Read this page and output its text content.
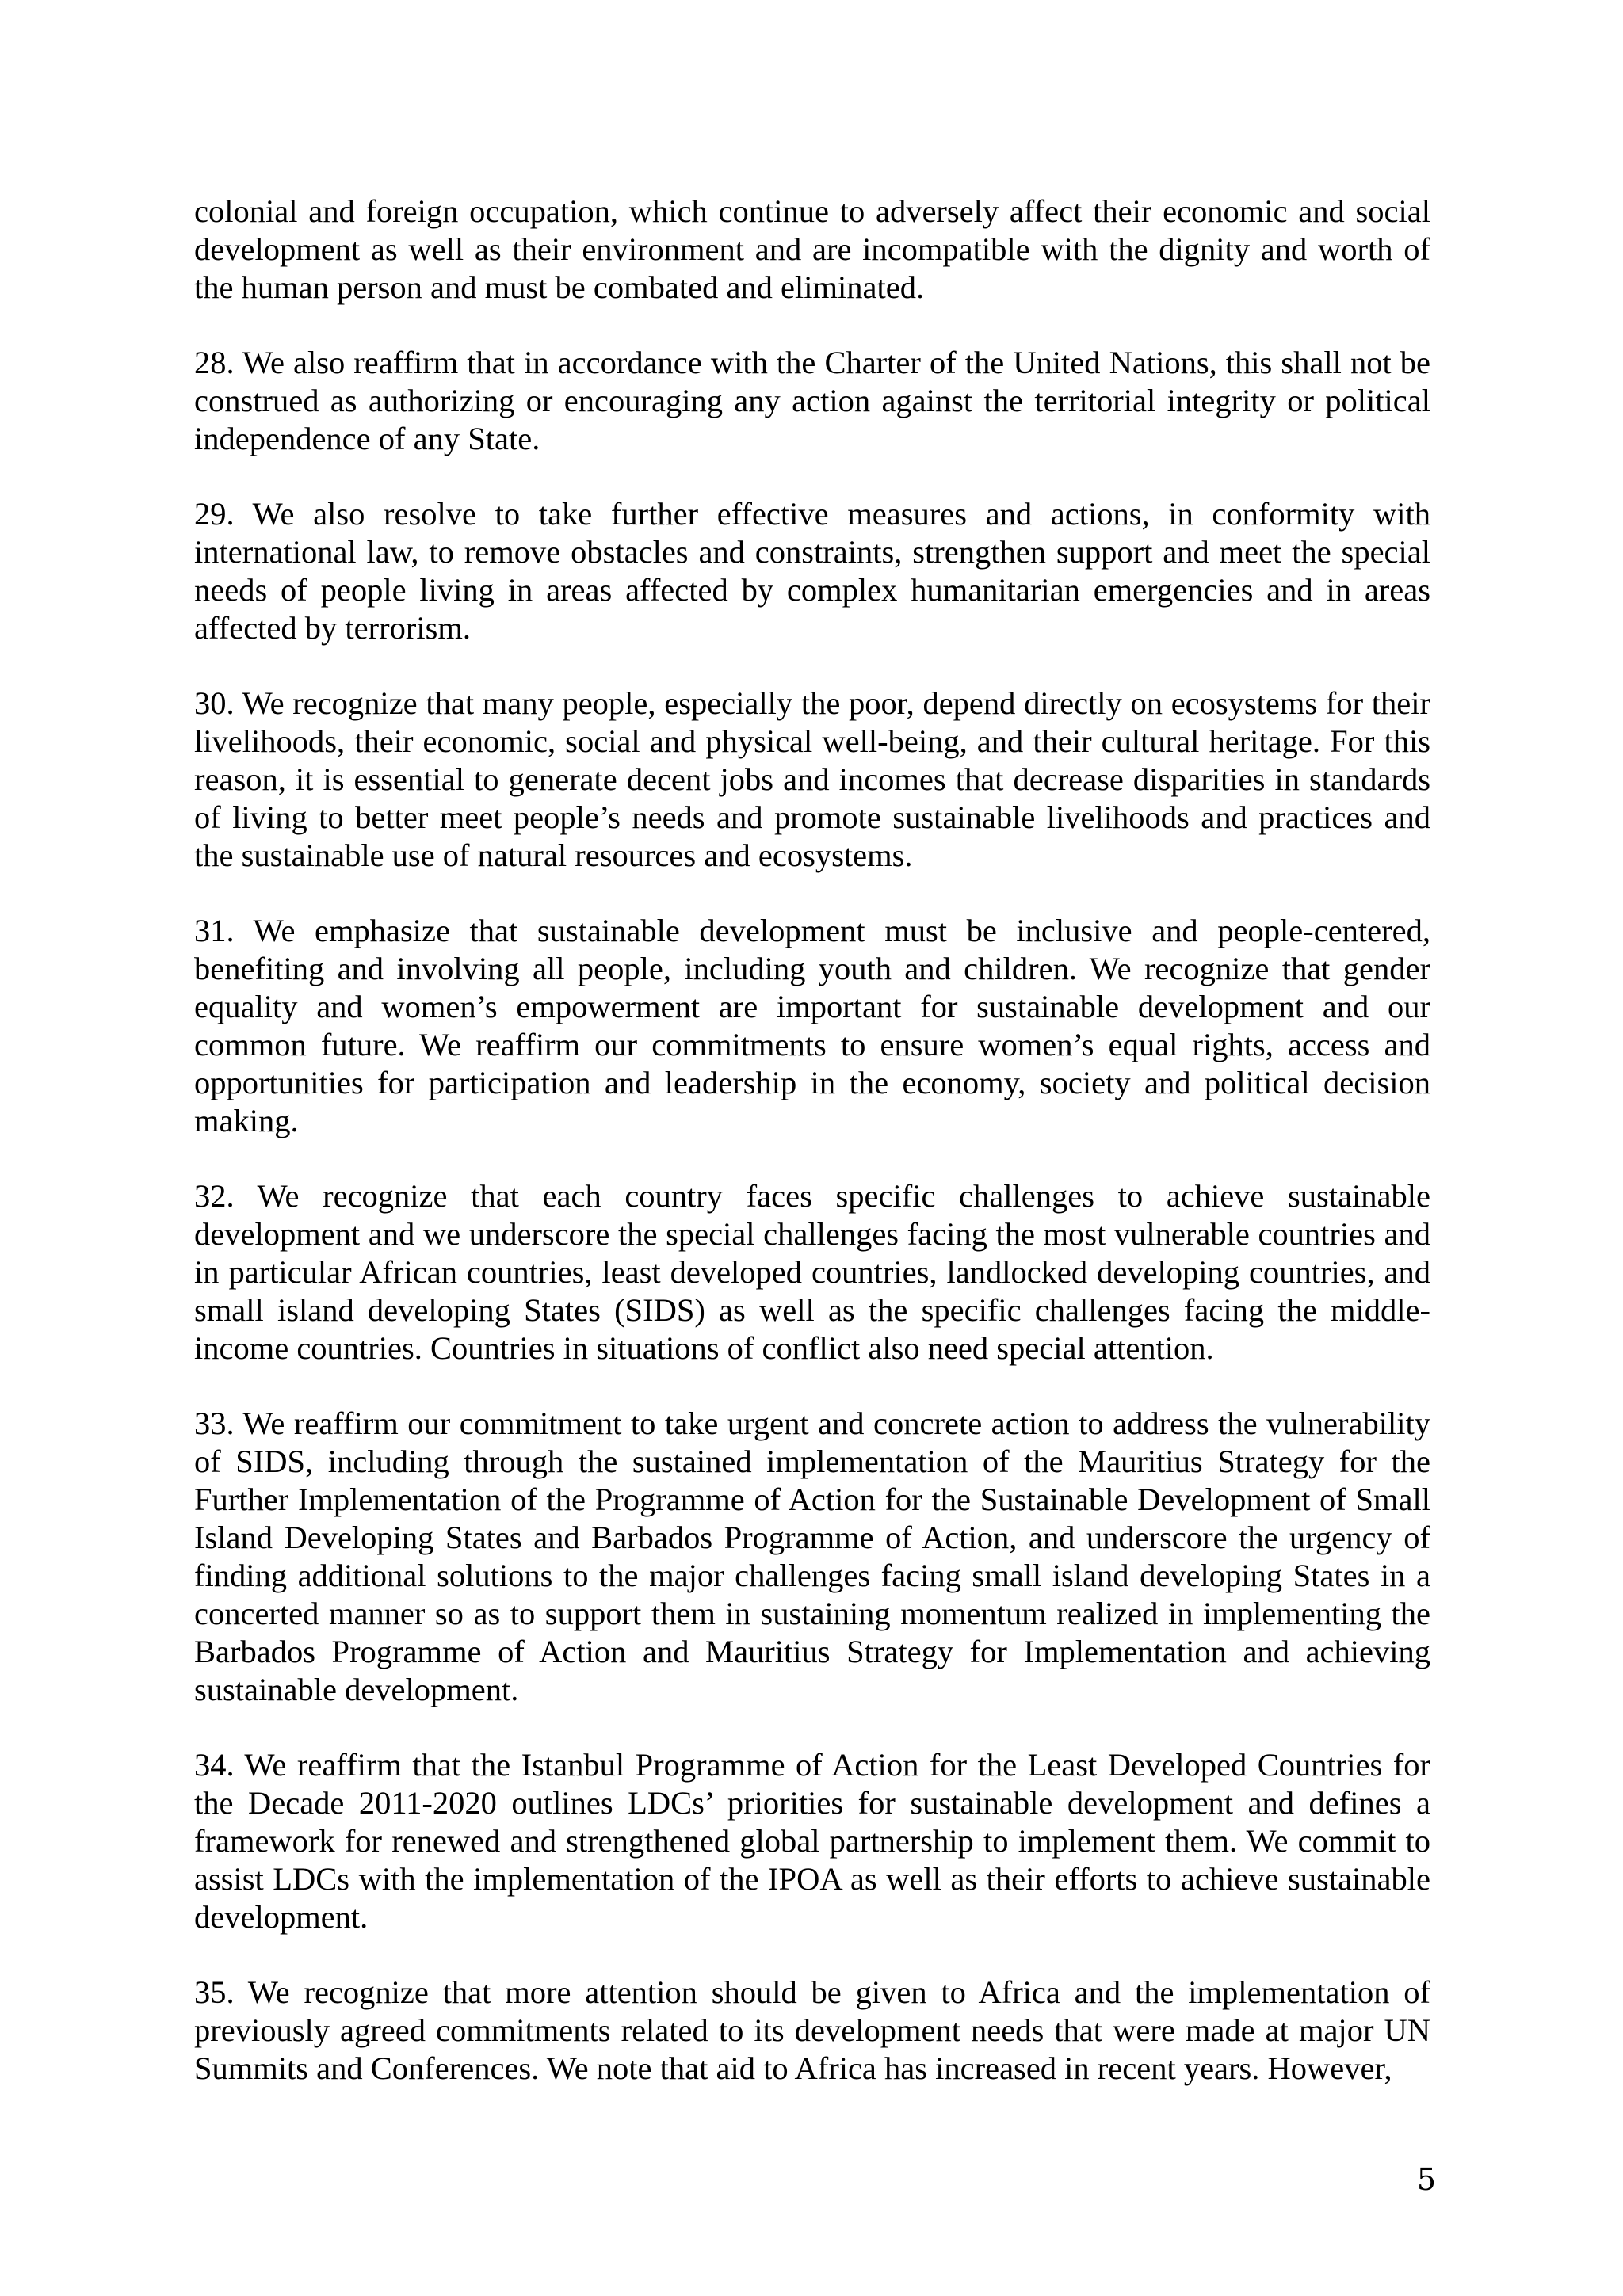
colonial and foreign occupation, which continue to adversely affect their economic and social development as well as their environment and are incompatible with the dignity and worth of the human person and must be combated and eliminated.

28. We also reaffirm that in accordance with the Charter of the United Nations, this shall not be construed as authorizing or encouraging any action against the territorial integrity or political independence of any State.

29. We also resolve to take further effective measures and actions, in conformity with international law, to remove obstacles and constraints, strengthen support and meet the special needs of people living in areas affected by complex humanitarian emergencies and in areas affected by terrorism.

30. We recognize that many people, especially the poor, depend directly on ecosystems for their livelihoods, their economic, social and physical well-being, and their cultural heritage. For this reason, it is essential to generate decent jobs and incomes that decrease disparities in standards of living to better meet people’s needs and promote sustainable livelihoods and practices and the sustainable use of natural resources and ecosystems.

31. We emphasize that sustainable development must be inclusive and people-centered, benefiting and involving all people, including youth and children. We recognize that gender equality and women’s empowerment are important for sustainable development and our common future. We reaffirm our commitments to ensure women’s equal rights, access and opportunities for participation and leadership in the economy, society and political decision making.

32. We recognize that each country faces specific challenges to achieve sustainable development and we underscore the special challenges facing the most vulnerable countries and in particular African countries, least developed countries, landlocked developing countries, and small island developing States (SIDS) as well as the specific challenges facing the middle-income countries. Countries in situations of conflict also need special attention.

33. We reaffirm our commitment to take urgent and concrete action to address the vulnerability of SIDS, including through the sustained implementation of the Mauritius Strategy for the Further Implementation of the Programme of Action for the Sustainable Development of Small Island Developing States and Barbados Programme of Action, and underscore the urgency of finding additional solutions to the major challenges facing small island developing States in a concerted manner so as to support them in sustaining momentum realized in implementing the Barbados Programme of Action and Mauritius Strategy for Implementation and achieving sustainable development.

34. We reaffirm that the Istanbul Programme of Action for the Least Developed Countries for the Decade 2011-2020 outlines LDCs’ priorities for sustainable development and defines a framework for renewed and strengthened global partnership to implement them. We commit to assist LDCs with the implementation of the IPOA as well as their efforts to achieve sustainable development.

35. We recognize that more attention should be given to Africa and the implementation of previously agreed commitments related to its development needs that were made at major UN Summits and Conferences. We note that aid to Africa has increased in recent years. However,

5
